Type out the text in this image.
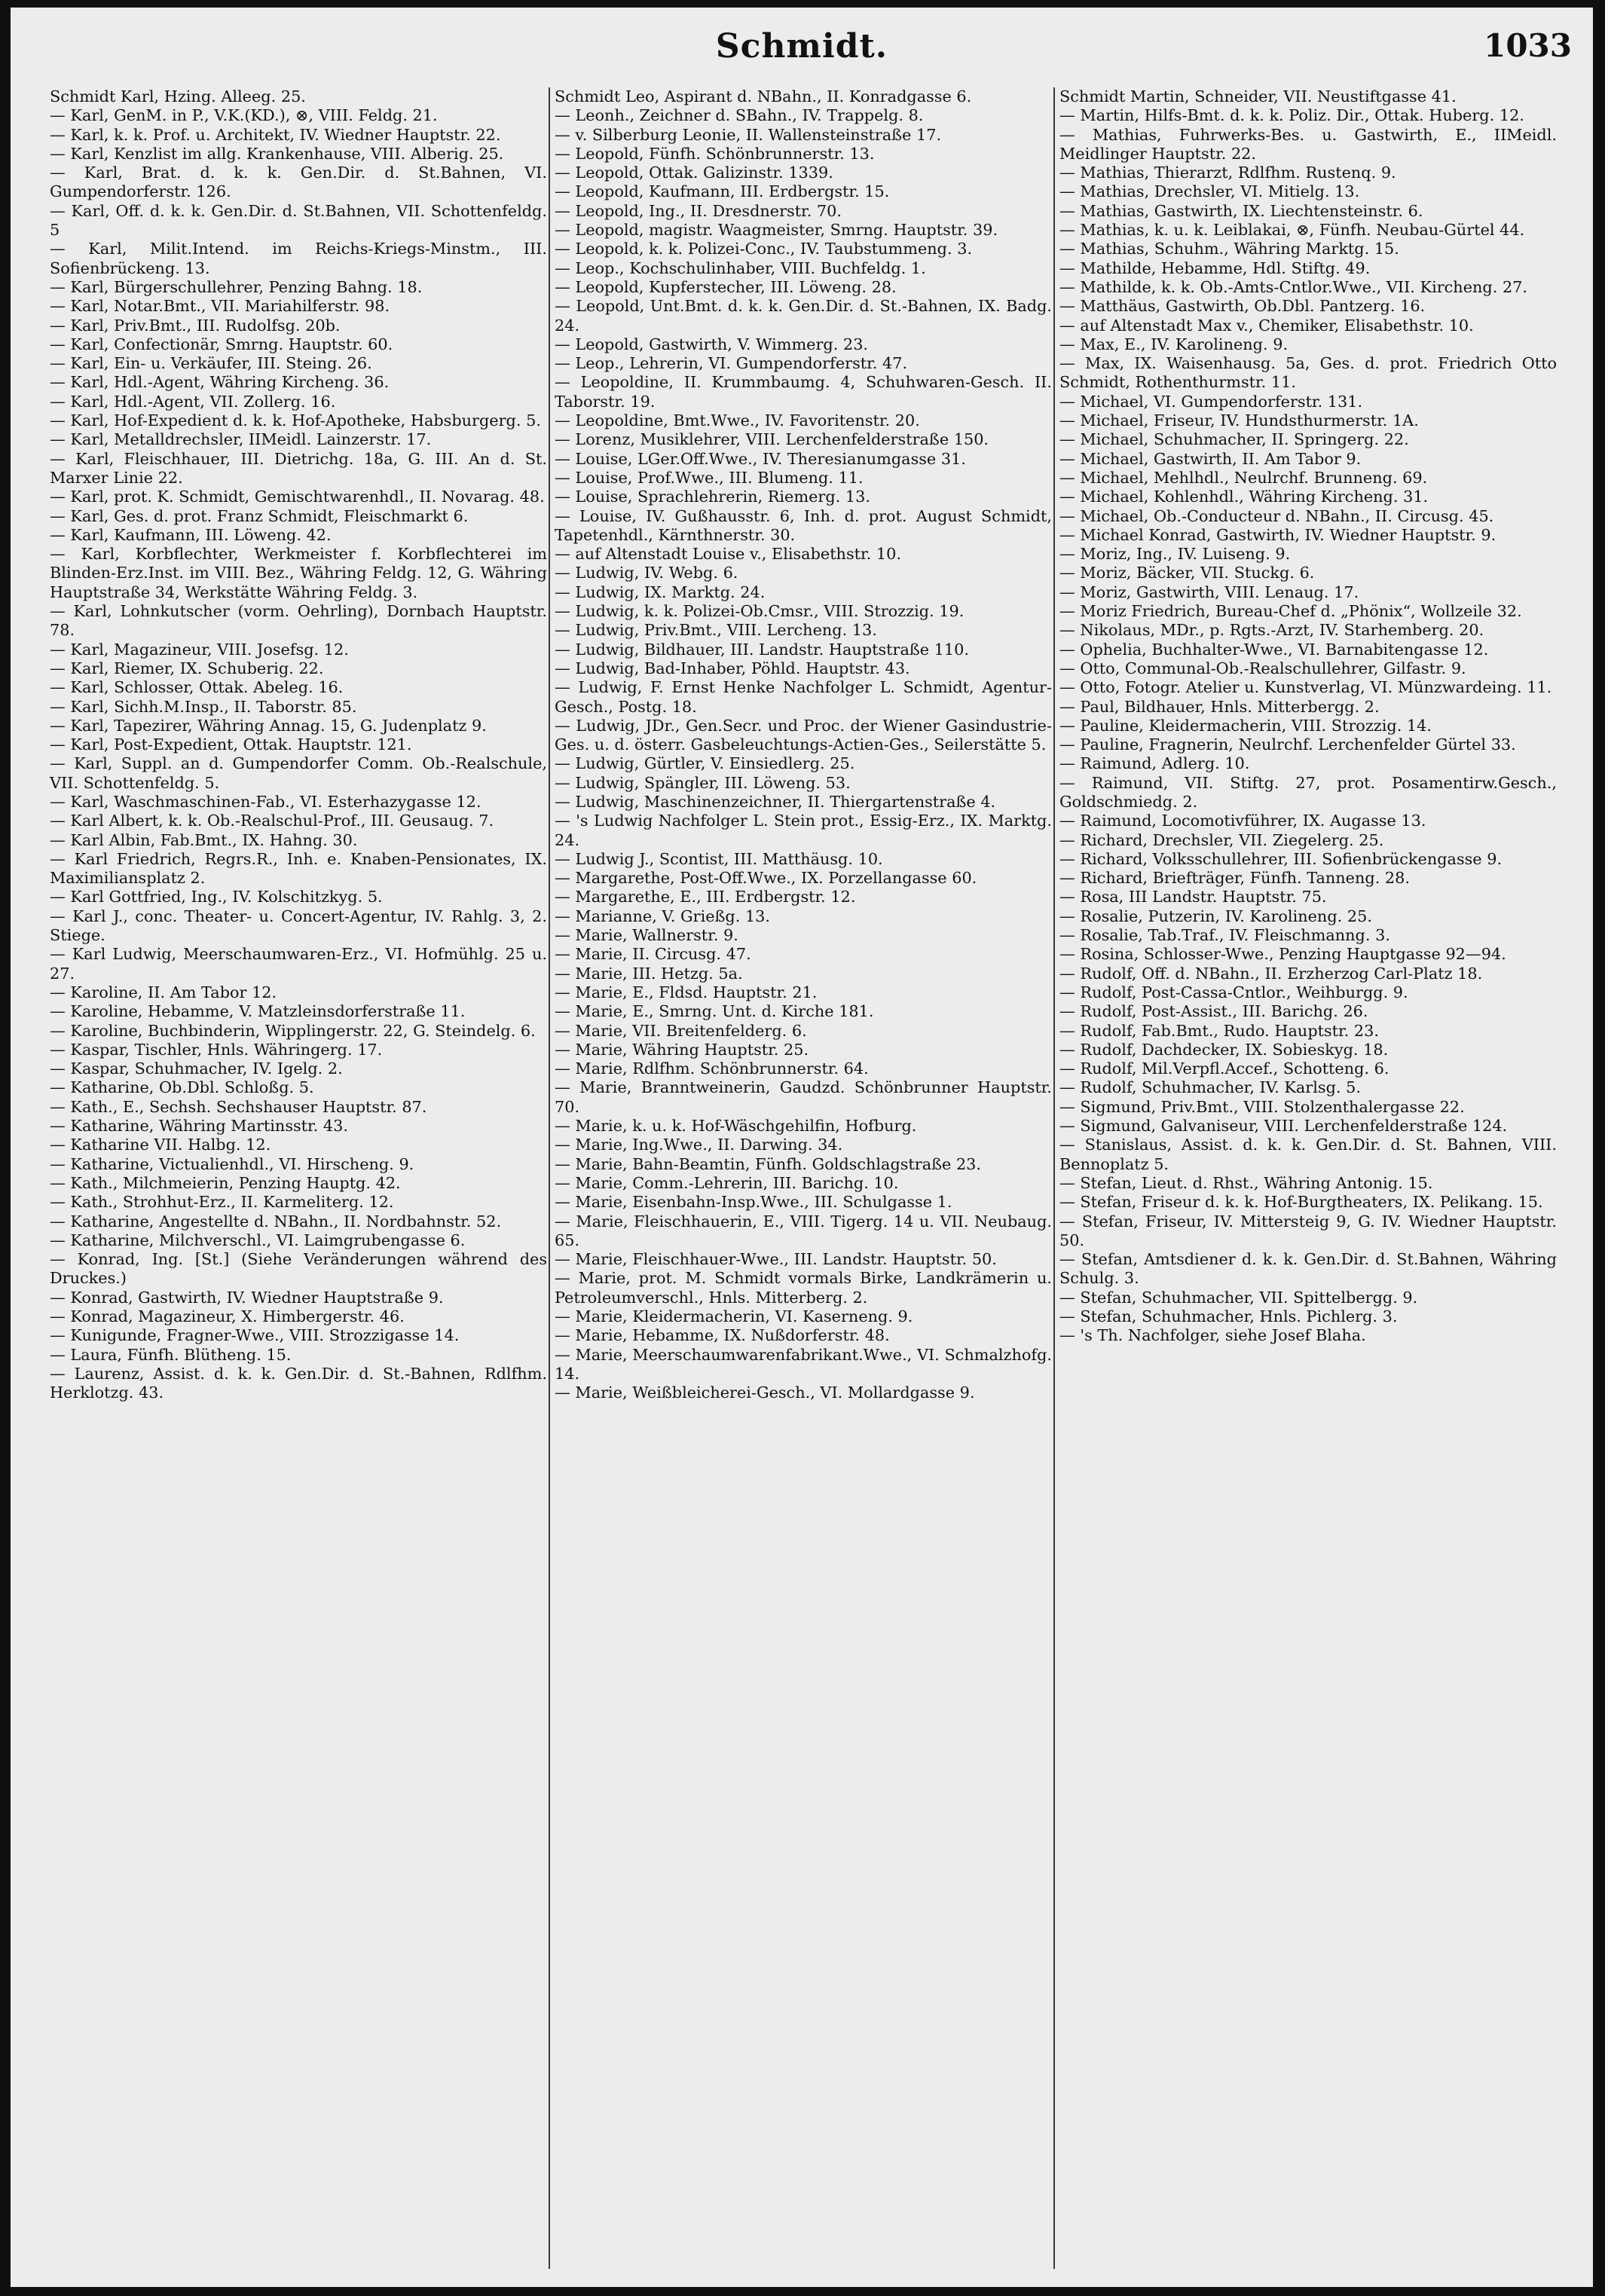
Schmidt.	1033
Schmidt Karl, Hzing. Alleeg. 25.
— Karl, GenM. in P., V.K.(KD.), ⊗, VIII. Feldg. 21.
— Karl, k. k. Prof. u. Architekt, IV. Wiedner Hauptstr. 22.
— Karl, Kenzlist im allg. Krankenhause, VIII. Alberig. 25.
— Karl, Brat. d. k. k. Gen.Dir. d. St.Bahnen, VI. Gumpendorferstr. 126.
— Karl, Off. d. k. k. Gen.Dir. d. St.Bahnen, VII. Schottenfeldg. 5
— Karl, Milit.Intend. im Reichs-Kriegs-Minstm., III. Sofienbrückeng. 13.
— Karl, Bürgerschullehrer, Penzing Bahng. 18.
— Karl, Notar.Bmt., VII. Mariahilferstr. 98.
— Karl, Priv.Bmt., III. Rudolfsg. 20b.
— Karl, Confectionär, Smrng. Hauptstr. 60.
— Karl, Ein- u. Verkäufer, III. Steing. 26.
— Karl, Hdl.-Agent, Währing Kircheng. 36.
— Karl, Hdl.-Agent, VII. Zollerg. 16.
— Karl, Hof-Expedient d. k. k. Hof-Apotheke, Habsburgerg. 5.
— Karl, Metalldrechsler, IIMeidl. Lainzerstr. 17.
— Karl, Fleischhauer, III. Dietrichg. 18a, G. III. An d. St. Marxer Linie 22.
— Karl, prot. K. Schmidt, Gemischtwarenhdl., II. Novarag. 48.
— Karl, Ges. d. prot. Franz Schmidt, Fleischmarkt 6.
— Karl, Kaufmann, III. Löweng. 42.
— Karl, Korbflechter, Werkmeister f. Korbflechterei im Blinden-Erz.Inst. im VIII. Bez., Währing Feldg. 12, G. Währing Hauptstraße 34, Werkstätte Währing Feldg. 3.
— Karl, Lohnkutscher (vorm. Oehrling), Dornbach Hauptstr. 78.
— Karl, Magazineur, VIII. Josefsg. 12.
— Karl, Riemer, IX. Schuberig. 22.
— Karl, Schlosser, Ottak. Abeleg. 16.
— Karl, Sichh.M.Insp., II. Taborstr. 85.
— Karl, Tapezirer, Währing Annag. 15, G. Judenplatz 9.
— Karl, Post-Expedient, Ottak. Hauptstr. 121.
— Karl, Suppl. an d. Gumpendorfer Comm. Ob.-Realschule, VII. Schottenfeldg. 5.
— Karl, Waschmaschinen-Fab., VI. Esterhazygasse 12.
— Karl Albert, k. k. Ob.-Realschul-Prof., III. Geusaug. 7.
— Karl Albin, Fab.Bmt., IX. Hahng. 30.
— Karl Friedrich, Regrs.R., Inh. e. Knaben-Pensionates, IX. Maximiliansplatz 2.
— Karl Gottfried, Ing., IV. Kolschitzkyg. 5.
— Karl J., conc. Theater- u. Concert-Agentur, IV. Rahlg. 3, 2. Stiege.
— Karl Ludwig, Meerschaumwaren-Erz., VI. Hofmühlg. 25 u. 27.
— Karoline, II. Am Tabor 12.
— Karoline, Hebamme, V. Matzleinsdorferstraße 11.
— Karoline, Buchbinderin, Wipplingerstr. 22, G. Steindelg. 6.
— Kaspar, Tischler, Hnls. Währingerg. 17.
— Kaspar, Schuhmacher, IV. Igelg. 2.
— Katharine, Ob.Dbl. Schloßg. 5.
— Kath., E., Sechsh. Sechshauser Hauptstr. 87.
— Katharine, Währing Martinsstr. 43.
— Katharine VII. Halbg. 12.
— Katharine, Victualienhdl., VI. Hirscheng. 9.
— Kath., Milchmeierin, Penzing Hauptg. 42.
— Kath., Strohhut-Erz., II. Karmeliterg. 12.
— Katharine, Angestellte d. NBahn., II. Nordbahnstr. 52.
— Katharine, Milchverschl., VI. Laimgrubengasse 6.
— Konrad, Ing. [St.] (Siehe Veränderungen während des Druckes.)
— Konrad, Gastwirth, IV. Wiedner Hauptstraße 9.
— Konrad, Magazineur, X. Himbergerstr. 46.
— Kunigunde, Fragner-Wwe., VIII. Strozzigasse 14.
— Laura, Fünfh. Blütheng. 15.
— Laurenz, Assist. d. k. k. Gen.Dir. d. St.-Bahnen, Rdlfhm. Herklotzg. 43.
Schmidt Leo, Aspirant d. NBahn., II. Konradgasse 6.
— Leonh., Zeichner d. SBahn., IV. Trappelg. 8.
— v. Silberburg Leonie, II. Wallensteinstraße 17.
— Leopold, Fünfh. Schönbrunnerstr. 13.
— Leopold, Ottak. Galizinstr. 1339.
— Leopold, Kaufmann, III. Erdbergstr. 15.
— Leopold, Ing., II. Dresdnerstr. 70.
— Leopold, magistr. Waagmeister, Smrng. Hauptstr. 39.
— Leopold, k. k. Polizei-Conc., IV. Taubstummeng. 3.
— Leop., Kochschulinhaber, VIII. Buchfeldg. 1.
— Leopold, Kupferstecher, III. Löweng. 28.
— Leopold, Unt.Bmt. d. k. k. Gen.Dir. d. St.-Bahnen, IX. Badg. 24.
— Leopold, Gastwirth, V. Wimmerg. 23.
— Leop., Lehrerin, VI. Gumpendorferstr. 47.
— Leopoldine, II. Krummbaumg. 4, Schuhwaren-Gesch. II. Taborstr. 19.
— Leopoldine, Bmt.Wwe., IV. Favoritenstr. 20.
— Lorenz, Musiklehrer, VIII. Lerchenfelderstraße 150.
— Louise, LGer.Off.Wwe., IV. Theresianumgasse 31.
— Louise, Prof.Wwe., III. Blumeng. 11.
— Louise, Sprachlehrerin, Riemerg. 13.
— Louise, IV. Gußhausstr. 6, Inh. d. prot. August Schmidt, Tapetenhdl., Kärnthnerstr. 30.
— auf Altenstadt Louise v., Elisabethstr. 10.
— Ludwig, IV. Webg. 6.
— Ludwig, IX. Marktg. 24.
— Ludwig, k. k. Polizei-Ob.Cmsr., VIII. Strozzig. 19.
— Ludwig, Priv.Bmt., VIII. Lercheng. 13.
— Ludwig, Bildhauer, III. Landstr. Hauptstraße 110.
— Ludwig, Bad-Inhaber, Pöhld. Hauptstr. 43.
— Ludwig, F. Ernst Henke Nachfolger L. Schmidt, Agentur-Gesch., Postg. 18.
— Ludwig, JDr., Gen.Secr. und Proc. der Wiener Gasindustrie-Ges. u. d. österr. Gasbeleuchtungs-Actien-Ges., Seilerstätte 5.
— Ludwig, Gürtler, V. Einsiedlerg. 25.
— Ludwig, Spängler, III. Löweng. 53.
— Ludwig, Maschinenzeichner, II. Thiergartenstraße 4.
— 's Ludwig Nachfolger L. Stein prot., Essig-Erz., IX. Marktg. 24.
— Ludwig J., Scontist, III. Matthäusg. 10.
— Margarethe, Post-Off.Wwe., IX. Porzellangasse 60.
— Margarethe, E., III. Erdbergstr. 12.
— Marianne, V. Grießg. 13.
— Marie, Wallnerstr. 9.
— Marie, II. Circusg. 47.
— Marie, III. Hetzg. 5a.
— Marie, E., Fldsd. Hauptstr. 21.
— Marie, E., Smrng. Unt. d. Kirche 181.
— Marie, VII. Breitenfelderg. 6.
— Marie, Währing Hauptstr. 25.
— Marie, Rdlfhm. Schönbrunnerstr. 64.
— Marie, Branntweinerin, Gaudzd. Schönbrunner Hauptstr. 70.
— Marie, k. u. k. Hof-Wäschgehilfin, Hofburg.
— Marie, Ing.Wwe., II. Darwing. 34.
— Marie, Bahn-Beamtin, Fünfh. Goldschlagstraße 23.
— Marie, Comm.-Lehrerin, III. Barichg. 10.
— Marie, Eisenbahn-Insp.Wwe., III. Schulgasse 1.
— Marie, Fleischhauerin, E., VIII. Tigerg. 14 u. VII. Neubaug. 65.
— Marie, Fleischhauer-Wwe., III. Landstr. Hauptstr. 50.
— Marie, prot. M. Schmidt vormals Birke, Landkrämerin u. Petroleumverschl., Hnls. Mitterberg. 2.
— Marie, Kleidermacherin, VI. Kaserneng. 9.
— Marie, Hebamme, IX. Nußdorferstr. 48.
— Marie, Meerschaumwarenfabrikant.Wwe., VI. Schmalzhofg. 14.
— Marie, Weißbleicherei-Gesch., VI. Mollardgasse 9.
Schmidt Martin, Schneider, VII. Neustiftgasse 41.
— Martin, Hilfs-Bmt. d. k. k. Poliz. Dir., Ottak. Huberg. 12.
— Mathias, Fuhrwerks-Bes. u. Gastwirth, E., IIMeidl. Meidlinger Hauptstr. 22.
— Mathias, Thierarzt, Rdlfhm. Rustenq. 9.
— Mathias, Drechsler, VI. Mitielg. 13.
— Mathias, Gastwirth, IX. Liechtensteinstr. 6.
— Mathias, k. u. k. Leiblakai, ⊗, Fünfh. Neubau-Gürtel 44.
— Mathias, Schuhm., Währing Marktg. 15.
— Mathilde, Hebamme, Hdl. Stiftg. 49.
— Mathilde, k. k. Ob.-Amts-Cntlor.Wwe., VII. Kircheng. 27.
— Matthäus, Gastwirth, Ob.Dbl. Pantzerg. 16.
— auf Altenstadt Max v., Chemiker, Elisabethstr. 10.
— Max, E., IV. Karolineng. 9.
— Max, IX. Waisenhausg. 5a, Ges. d. prot. Friedrich Otto Schmidt, Rothenthurmstr. 11.
— Michael, VI. Gumpendorferstr. 131.
— Michael, Friseur, IV. Hundsthurmerstr. 1A.
— Michael, Schuhmacher, II. Springerg. 22.
— Michael, Gastwirth, II. Am Tabor 9.
— Michael, Mehlhdl., Neulrchf. Brunneng. 69.
— Michael, Kohlenhdl., Währing Kircheng. 31.
— Michael, Ob.-Conducteur d. NBahn., II. Circusg. 45.
— Michael Konrad, Gastwirth, IV. Wiedner Hauptstr. 9.
— Moriz, Ing., IV. Luiseng. 9.
— Moriz, Bäcker, VII. Stuckg. 6.
— Moriz, Gastwirth, VIII. Lenaug. 17.
— Moriz Friedrich, Bureau-Chef d. „Phönix“, Wollzeile 32.
— Nikolaus, MDr., p. Rgts.-Arzt, IV. Starhemberg. 20.
— Ophelia, Buchhalter-Wwe., VI. Barnabitengasse 12.
— Otto, Communal-Ob.-Realschullehrer, Gilfastr. 9.
— Otto, Fotogr. Atelier u. Kunstverlag, VI. Münzwardeing. 11.
— Paul, Bildhauer, Hnls. Mitterbergg. 2.
— Pauline, Kleidermacherin, VIII. Strozzig. 14.
— Pauline, Fragnerin, Neulrchf. Lerchenfelder Gürtel 33.
— Raimund, Adlerg. 10.
— Raimund, VII. Stiftg. 27, prot. Posamentirw.Gesch., Goldschmiedg. 2.
— Raimund, Locomotivführer, IX. Augasse 13.
— Richard, Drechsler, VII. Ziegelerg. 25.
— Richard, Volksschullehrer, III. Sofienbrückengasse 9.
— Richard, Briefträger, Fünfh. Tanneng. 28.
— Rosa, III Landstr. Hauptstr. 75.
— Rosalie, Putzerin, IV. Karolineng. 25.
— Rosalie, Tab.Traf., IV. Fleischmanng. 3.
— Rosina, Schlosser-Wwe., Penzing Hauptgasse 92—94.
— Rudolf, Off. d. NBahn., II. Erzherzog Carl-Platz 18.
— Rudolf, Post-Cassa-Cntlor., Weihburgg. 9.
— Rudolf, Post-Assist., III. Barichg. 26.
— Rudolf, Fab.Bmt., Rudo. Hauptstr. 23.
— Rudolf, Dachdecker, IX. Sobieskyg. 18.
— Rudolf, Mil.Verpfl.Accef., Schotteng. 6.
— Rudolf, Schuhmacher, IV. Karlsg. 5.
— Sigmund, Priv.Bmt., VIII. Stolzenthalergasse 22.
— Sigmund, Galvaniseur, VIII. Lerchenfelderstraße 124.
— Stanislaus, Assist. d. k. k. Gen.Dir. d. St. Bahnen, VIII. Bennoplatz 5.
— Stefan, Lieut. d. Rhst., Währing Antonig. 15.
— Stefan, Friseur d. k. k. Hof-Burgtheaters, IX. Pelikang. 15.
— Stefan, Friseur, IV. Mittersteig 9, G. IV. Wiedner Hauptstr. 50.
— Stefan, Amtsdiener d. k. k. Gen.Dir. d. St.Bahnen, Währing Schulg. 3.
— Stefan, Schuhmacher, VII. Spittelbergg. 9.
— Stefan, Schuhmacher, Hnls. Pichlerg. 3.
— 's Th. Nachfolger, siehe Josef Blaha.
